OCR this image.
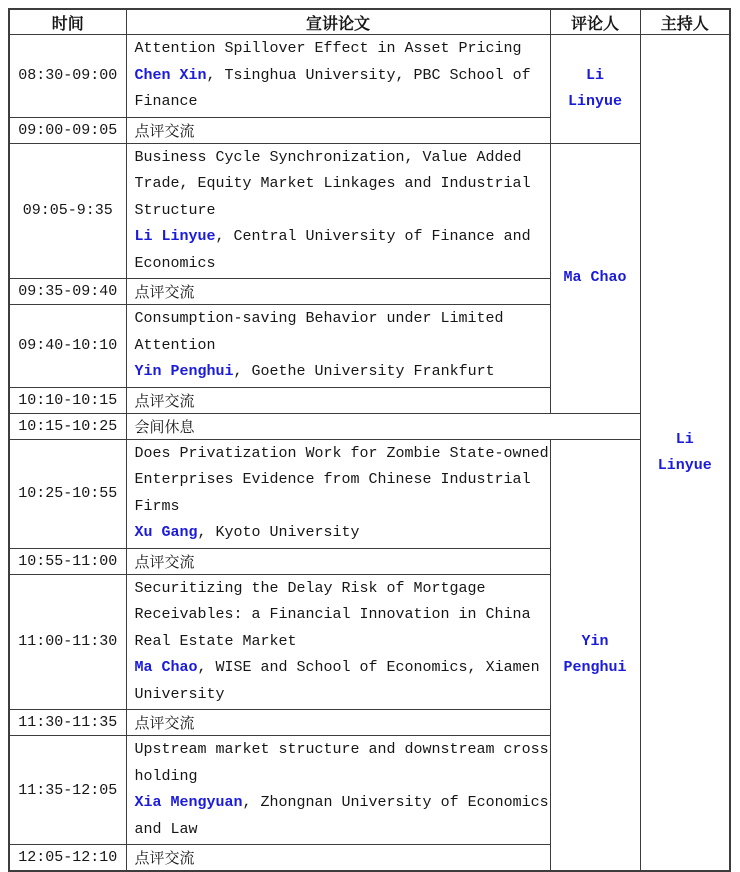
时间	宣讲论文	评论人	主持人
08:30-09:00	Attention Spillover Effect in Asset Pricing
Chen Xin, Tsinghua University, PBC School of Finance	Li Linyue	Li Linyue
09:00-09:05	点评交流		
09:05-9:35	Business Cycle Synchronization, Value Added Trade, Equity Market Linkages and Industrial Structure
Li Linyue, Central University of Finance and Economics	Ma Chao	
09:35-09:40	点评交流		
09:40-10:10	Consumption-saving Behavior under Limited Attention
Yin Penghui, Goethe University Frankfurt		

10:10-10:15	点评交流		
10:15-10:25	会间休息		
10:25-10:55	Does Privatization Work for Zombie State-owned Enterprises Evidence from Chinese Industrial Firms
Xu Gang, Kyoto University	Yin Penghui	
10:55-11:00	点评交流		
11:00-11:30	Securitizing the Delay Risk of Mortgage Receivables: a Financial Innovation in China Real Estate Market
Ma Chao, WISE and School of Economics, Xiamen University		

11:30-11:35	点评交流		
11:35-12:05	Upstream market structure and downstream cross holding
Xia Mengyuan, Zhongnan University of Economics and Law		

12:05-12:10	点评交流		
